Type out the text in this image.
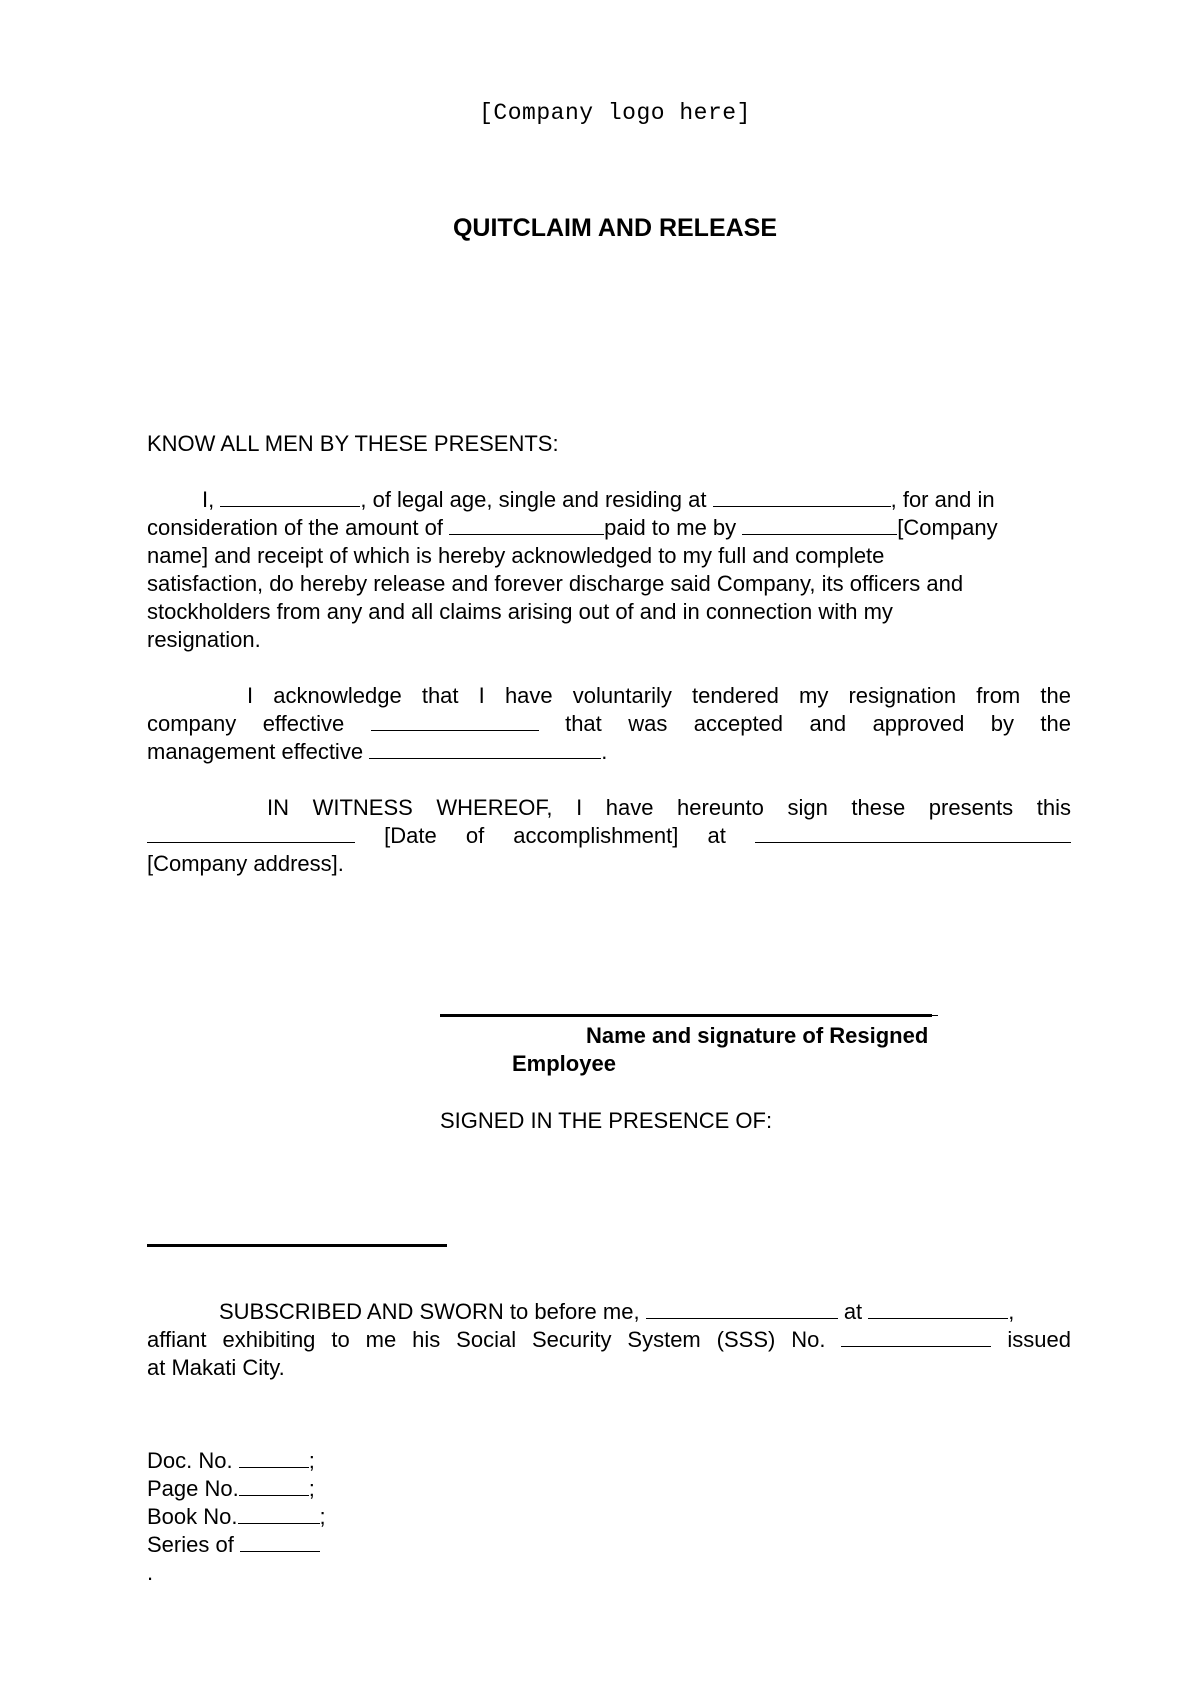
[Company logo here]
QUITCLAIM AND RELEASE
KNOW ALL MEN BY THESE PRESENTS:
I,	, of legal age, single and residing at	, for and in
consideration of the amount of	paid to me by	[Company
name] and receipt of which is hereby acknowledged to my full and complete
satisfaction, do hereby release and forever discharge said Company, its officers and
stockholders from any and all claims arising out of and in connection with my
resignation.
I acknowledge that I have voluntarily tendered my resignation from the
company effective	that was accepted and approved by the
management effective	.
IN WITNESS WHEREOF, I have hereunto sign these presents this
[Date of accomplishment] at
[Company address].
Name and signature of Resigned
Employee
SIGNED IN THE PRESENCE OF:
SUBSCRIBED AND SWORN to before me,	at	,
affiant exhibiting to me his Social Security System (SSS) No.	issued
at Makati City.
Doc. No.	;
Page No.	;
Book No.	;
Series of
.
